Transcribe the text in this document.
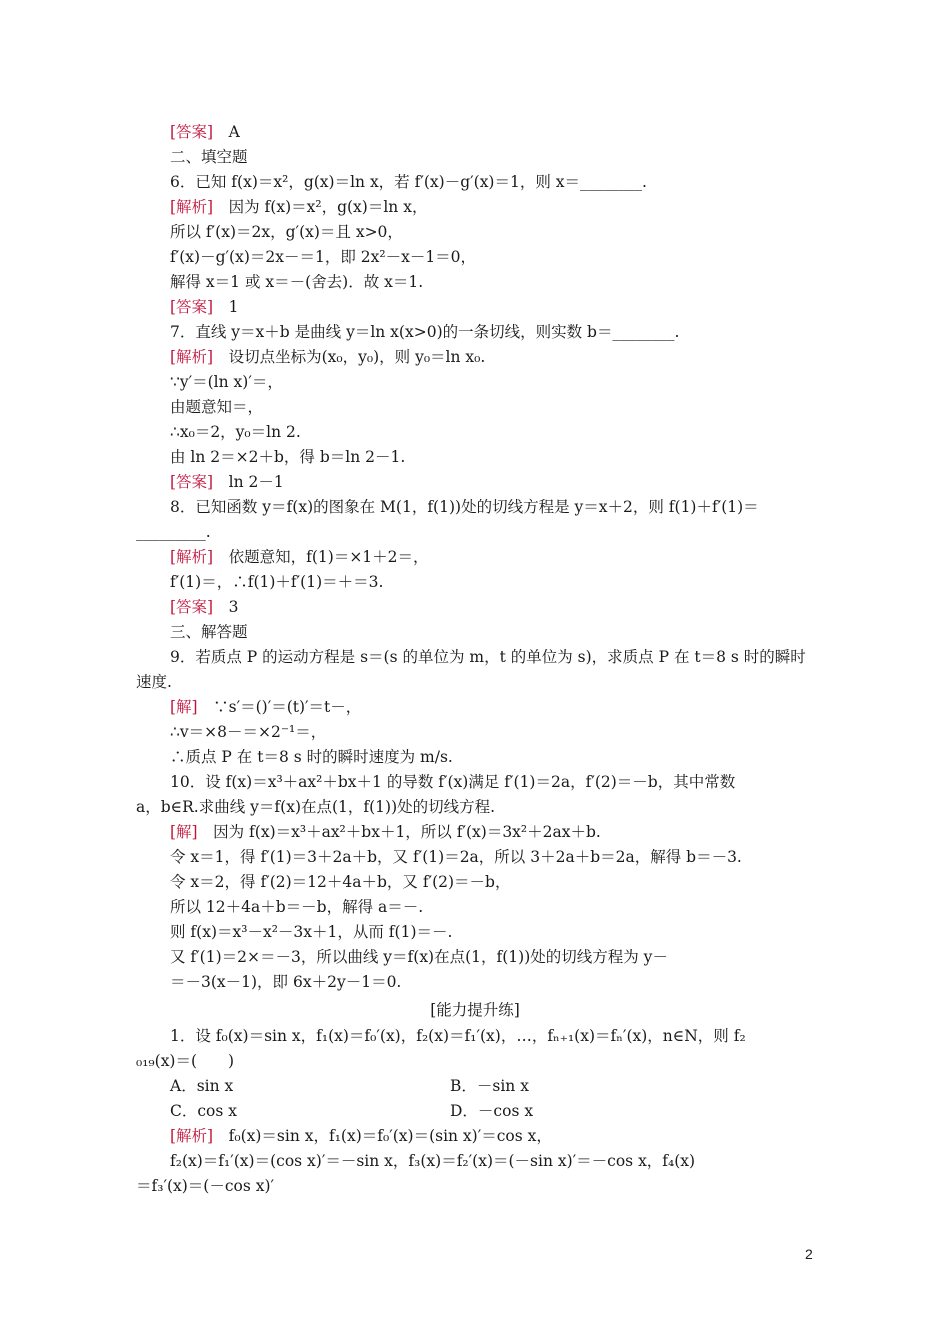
[答案]　 A
二、填空题
6．已知 f(x)＝x²，g(x)＝ln x，若 f′(x)－g′(x)＝1，则 x＝________.
[解析]　 因为 f(x)＝x²，g(x)＝ln x，
所以 f′(x)＝2x，g′(x)＝且 x>0，
f′(x)－g′(x)＝2x－＝1，即 2x²－x－1＝0，
解得 x＝1 或 x＝－(舍去)．故 x＝1.
[答案]　 1
7．直线 y＝x＋b 是曲线 y＝ln x(x>0)的一条切线，则实数 b＝________.
[解析]　 设切点坐标为(x₀，y₀)，则 y₀＝ln x₀.
∵y′＝(ln x)′＝，
由题意知＝，
∴x₀＝2，y₀＝ln 2.
由 ln 2＝×2＋b，得 b＝ln 2－1.
[答案]　 ln 2－1
8．已知函数 y＝f(x)的图象在 M(1，f(1))处的切线方程是 y＝x＋2，则 f(1)＋f′(1)＝
_________.
[解析]　 依题意知，f(1)＝×1＋2＝，
f′(1)＝，∴f(1)＋f′(1)＝＋＝3.
[答案]　 3
三、解答题
9．若质点 P 的运动方程是 s＝(s 的单位为 m，t 的单位为 s)，求质点 P 在 t＝8 s 时的瞬时
速度.
[解]　 ∵s′＝()′＝(t)′＝t－，
∴v＝×8－＝×2⁻¹＝，
∴质点 P 在 t＝8 s 时的瞬时速度为 m/s.
10．设 f(x)＝x³＋ax²＋bx＋1 的导数 f′(x)满足 f′(1)＝2a，f′(2)＝－b，其中常数
a，b∈R.求曲线 y＝f(x)在点(1，f(1))处的切线方程.
[解]　 因为 f(x)＝x³＋ax²＋bx＋1，所以 f′(x)＝3x²＋2ax＋b.
令 x＝1，得 f′(1)＝3＋2a＋b，又 f′(1)＝2a，所以 3＋2a＋b＝2a，解得 b＝－3.
令 x＝2，得 f′(2)＝12＋4a＋b，又 f′(2)＝－b，
所以 12＋4a＋b＝－b，解得 a＝－.
则 f(x)＝x³－x²－3x＋1，从而 f(1)＝－.
又 f′(1)＝2×＝－3，所以曲线 y＝f(x)在点(1，f(1))处的切线方程为 y－
＝－3(x－1)，即 6x＋2y－1＝0.
[能力提升练]
1．设 f₀(x)＝sin x，f₁(x)＝f₀′(x)，f₂(x)＝f₁′(x)，…，fₙ₊₁(x)＝fₙ′(x)，n∈N，则 f₂
₀₁₉(x)＝(　　)
A．sin x	B．－sin x
C．cos x	D．－cos x
[解析]　 f₀(x)＝sin x，f₁(x)＝f₀′(x)＝(sin x)′＝cos x，
f₂(x)＝f₁′(x)＝(cos x)′＝－sin x，f₃(x)＝f₂′(x)＝(－sin x)′＝－cos x，f₄(x)
＝f₃′(x)＝(－cos x)′
2
